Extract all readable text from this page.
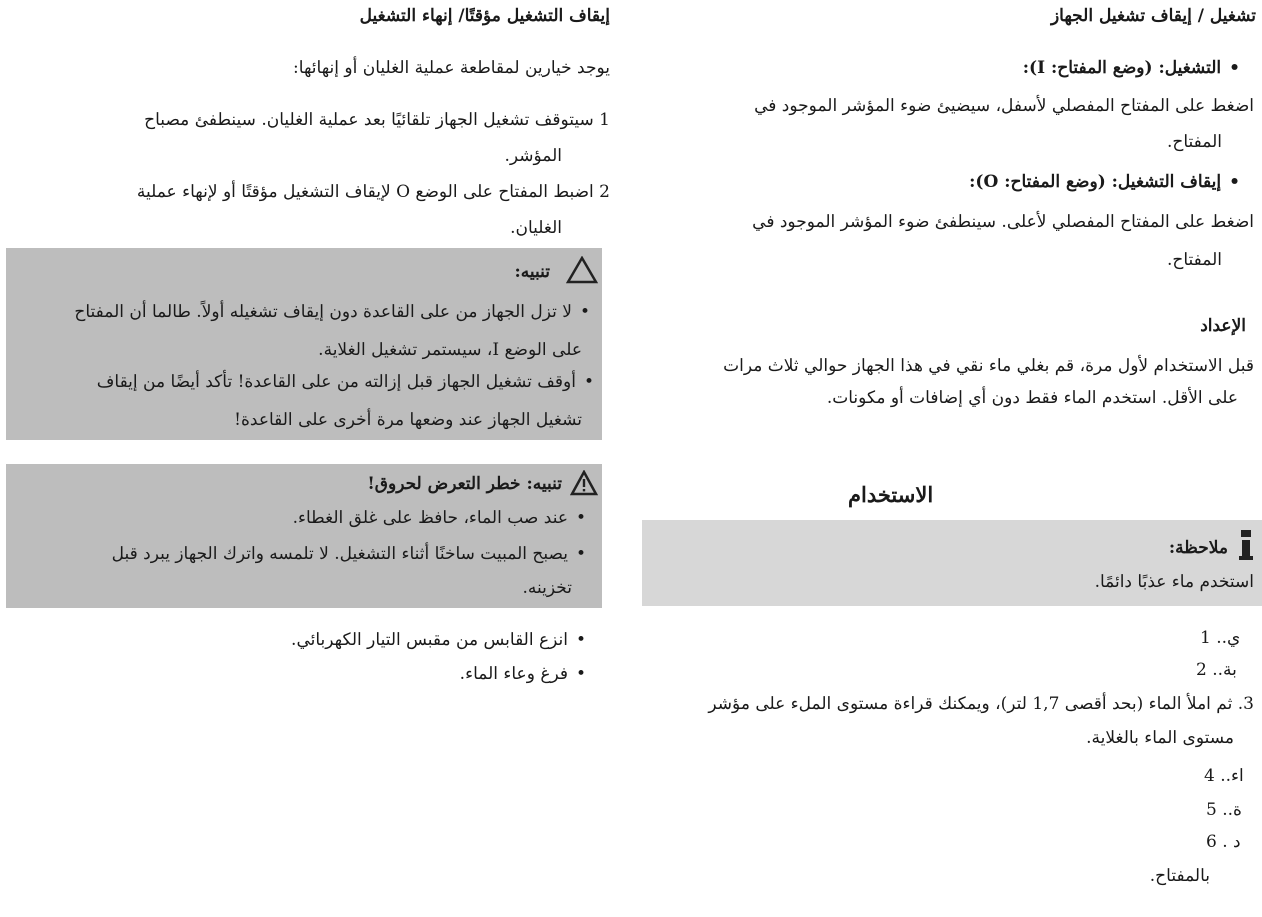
إيقاف التشغيل مؤقتًا/ إنهاء التشغيل
يوجد خيارين لمقاطعة عملية الغليان أو إنهائها:
1 سيتوقف تشغيل الجهاز تلقائيًا بعد عملية الغليان. سينطفئ مصباح
المؤشر.
2 اضبط المفتاح على الوضع O لإيقاف التشغيل مؤقتًا أو لإنهاء عملية
الغليان.
تنبيه:
• لا تزل الجهاز من على القاعدة دون إيقاف تشغيله أولاً. طالما أن المفتاح
على الوضع I، سيستمر تشغيل الغلاية.
• أوقف تشغيل الجهاز قبل إزالته من على القاعدة! تأكد أيضًا من إيقاف
تشغيل الجهاز عند وضعها مرة أخرى على القاعدة!
تنبيه: خطر التعرض لحروق!
• عند صب الماء، حافظ على غلق الغطاء.
• يصبح المبيت ساخنًا أثناء التشغيل. لا تلمسه واترك الجهاز يبرد قبل
تخزينه.
• انزع القابس من مقبس التيار الكهربائي.
• فرغ وعاء الماء.
تشغيل / إيقاف تشغيل الجهاز
• التشغيل: (وضع المفتاح: I):
اضغط على المفتاح المفصلي لأسفل، سيضيئ ضوء المؤشر الموجود في
المفتاح.
• إيقاف التشغيل: (وضع المفتاح: O):
اضغط على المفتاح المفصلي لأعلى. سينطفئ ضوء المؤشر الموجود في
المفتاح.
الإعداد
قبل الاستخدام لأول مرة، قم بغلي ماء نقي في هذا الجهاز حوالي ثلاث مرات
على الأقل. استخدم الماء فقط دون أي إضافات أو مكونات.
الاستخدام
ملاحظة:
استخدم ماء عذبًا دائمًا.
ي.. 1
بة.. 2
3. ثم املأ الماء (بحد أقصى 1,7 لتر)، ويمكنك قراءة مستوى الملء على مؤشر
مستوى الماء بالغلاية.
اء.. 4
ة.. 5
د . 6
بالمفتاح.
